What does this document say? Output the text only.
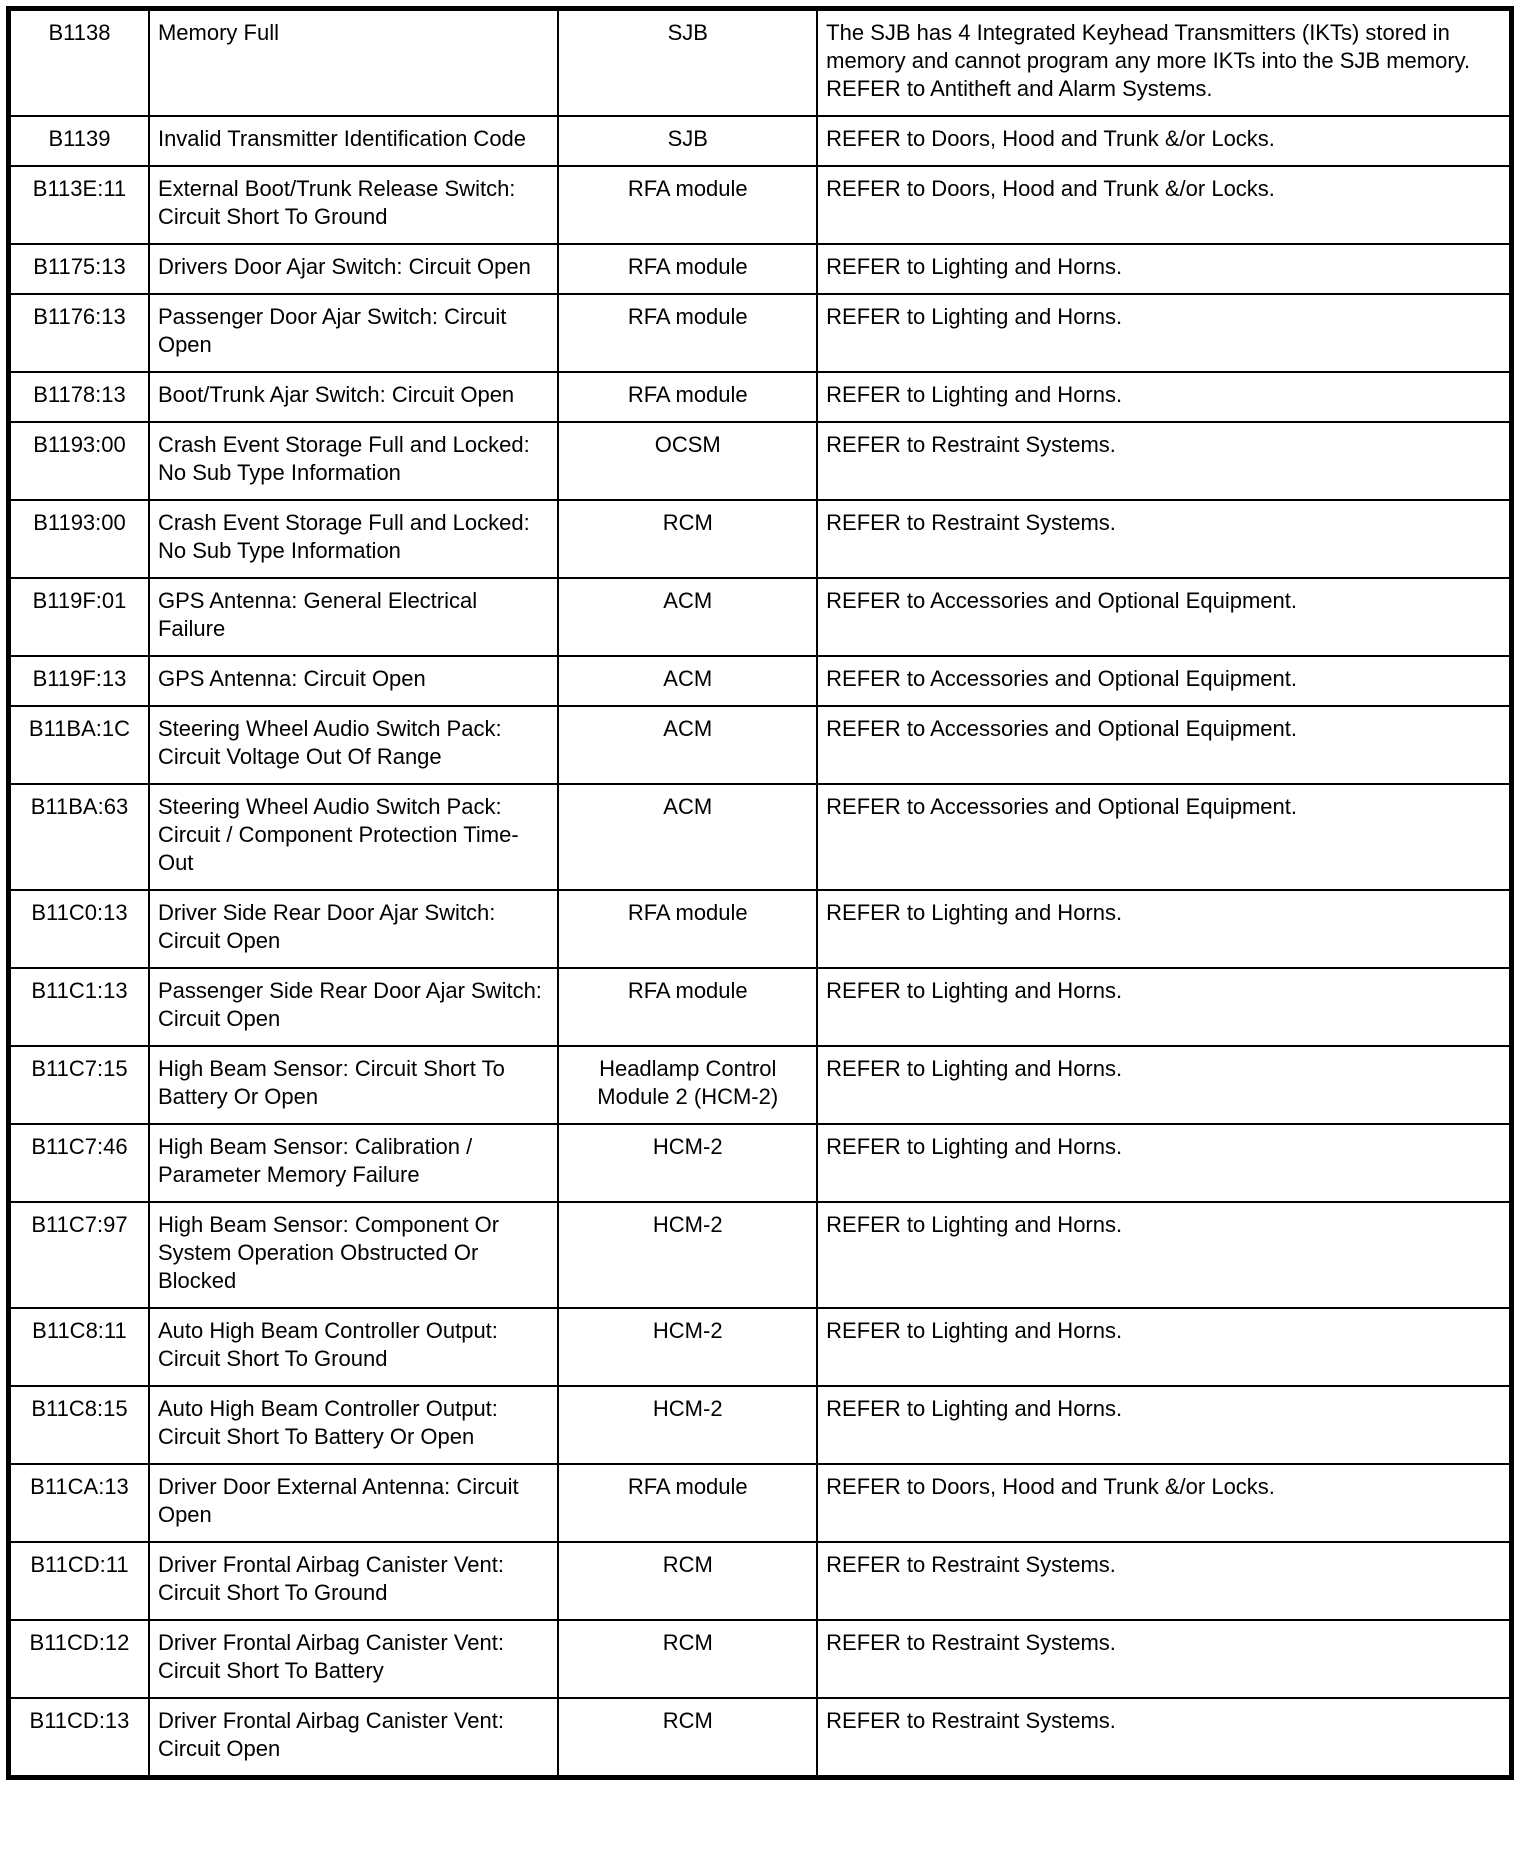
B1138	Memory Full	SJB	The SJB has 4 Integrated Keyhead Transmitters (IKTs) stored in memory and cannot program any more IKTs into the SJB memory. REFER to Antitheft and Alarm Systems.
B1139	Invalid Transmitter Identification Code	SJB	REFER to Doors, Hood and Trunk &/or Locks.
B113E:11	External Boot/Trunk Release Switch: Circuit Short To Ground	RFA module	REFER to Doors, Hood and Trunk &/or Locks.
B1175:13	Drivers Door Ajar Switch: Circuit Open	RFA module	REFER to Lighting and Horns.
B1176:13	Passenger Door Ajar Switch: Circuit Open	RFA module	REFER to Lighting and Horns.
B1178:13	Boot/Trunk Ajar Switch: Circuit Open	RFA module	REFER to Lighting and Horns.
B1193:00	Crash Event Storage Full and Locked: No Sub Type Information	OCSM	REFER to Restraint Systems.
B1193:00	Crash Event Storage Full and Locked: No Sub Type Information	RCM	REFER to Restraint Systems.
B119F:01	GPS Antenna: General Electrical Failure	ACM	REFER to Accessories and Optional Equipment.
B119F:13	GPS Antenna: Circuit Open	ACM	REFER to Accessories and Optional Equipment.
B11BA:1C	Steering Wheel Audio Switch Pack: Circuit Voltage Out Of Range	ACM	REFER to Accessories and Optional Equipment.
B11BA:63	Steering Wheel Audio Switch Pack: Circuit / Component Protection Time-Out	ACM	REFER to Accessories and Optional Equipment.
B11C0:13	Driver Side Rear Door Ajar Switch: Circuit Open	RFA module	REFER to Lighting and Horns.
B11C1:13	Passenger Side Rear Door Ajar Switch: Circuit Open	RFA module	REFER to Lighting and Horns.
B11C7:15	High Beam Sensor: Circuit Short To Battery Or Open	Headlamp Control Module 2 (HCM-2)	REFER to Lighting and Horns.
B11C7:46	High Beam Sensor: Calibration / Parameter Memory Failure	HCM-2	REFER to Lighting and Horns.
B11C7:97	High Beam Sensor: Component Or System Operation Obstructed Or Blocked	HCM-2	REFER to Lighting and Horns.
B11C8:11	Auto High Beam Controller Output: Circuit Short To Ground	HCM-2	REFER to Lighting and Horns.
B11C8:15	Auto High Beam Controller Output: Circuit Short To Battery Or Open	HCM-2	REFER to Lighting and Horns.
B11CA:13	Driver Door External Antenna: Circuit Open	RFA module	REFER to Doors, Hood and Trunk &/or Locks.
B11CD:11	Driver Frontal Airbag Canister Vent: Circuit Short To Ground	RCM	REFER to Restraint Systems.
B11CD:12	Driver Frontal Airbag Canister Vent: Circuit Short To Battery	RCM	REFER to Restraint Systems.
B11CD:13	Driver Frontal Airbag Canister Vent: Circuit Open	RCM	REFER to Restraint Systems.
